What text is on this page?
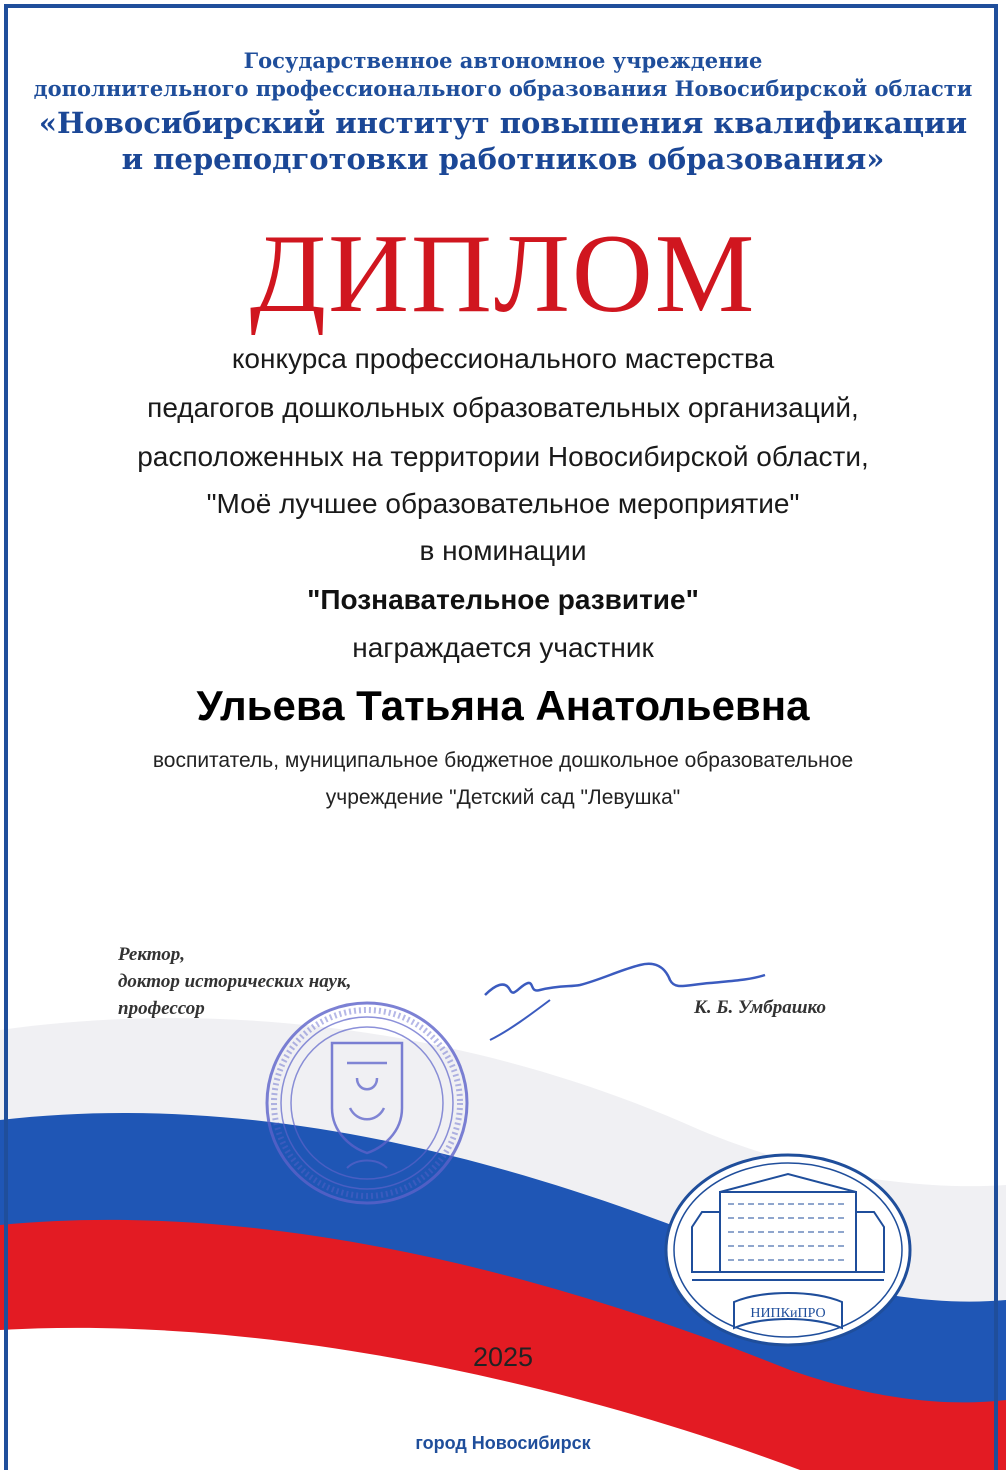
Государственное автономное учреждение
дополнительного профессионального образования Новосибирской области
«Новосибирский институт повышения квалификации
и переподготовки работников образования»
ДИПЛОМ
конкурса профессионального мастерства
педагогов дошкольных образовательных организаций,
расположенных на территории Новосибирской области,
"Моё лучшее образовательное мероприятие"
в номинации
"Познавательное развитие"
награждается участник
Ульева Татьяна Анатольевна
воспитатель, муниципальное бюджетное дошкольное образовательное
учреждение "Детский сад "Левушка"
Ректор,
доктор исторических наук,
профессор	К. Б. Умбрашко
НИПКиПРО
2025
город Новосибирск
